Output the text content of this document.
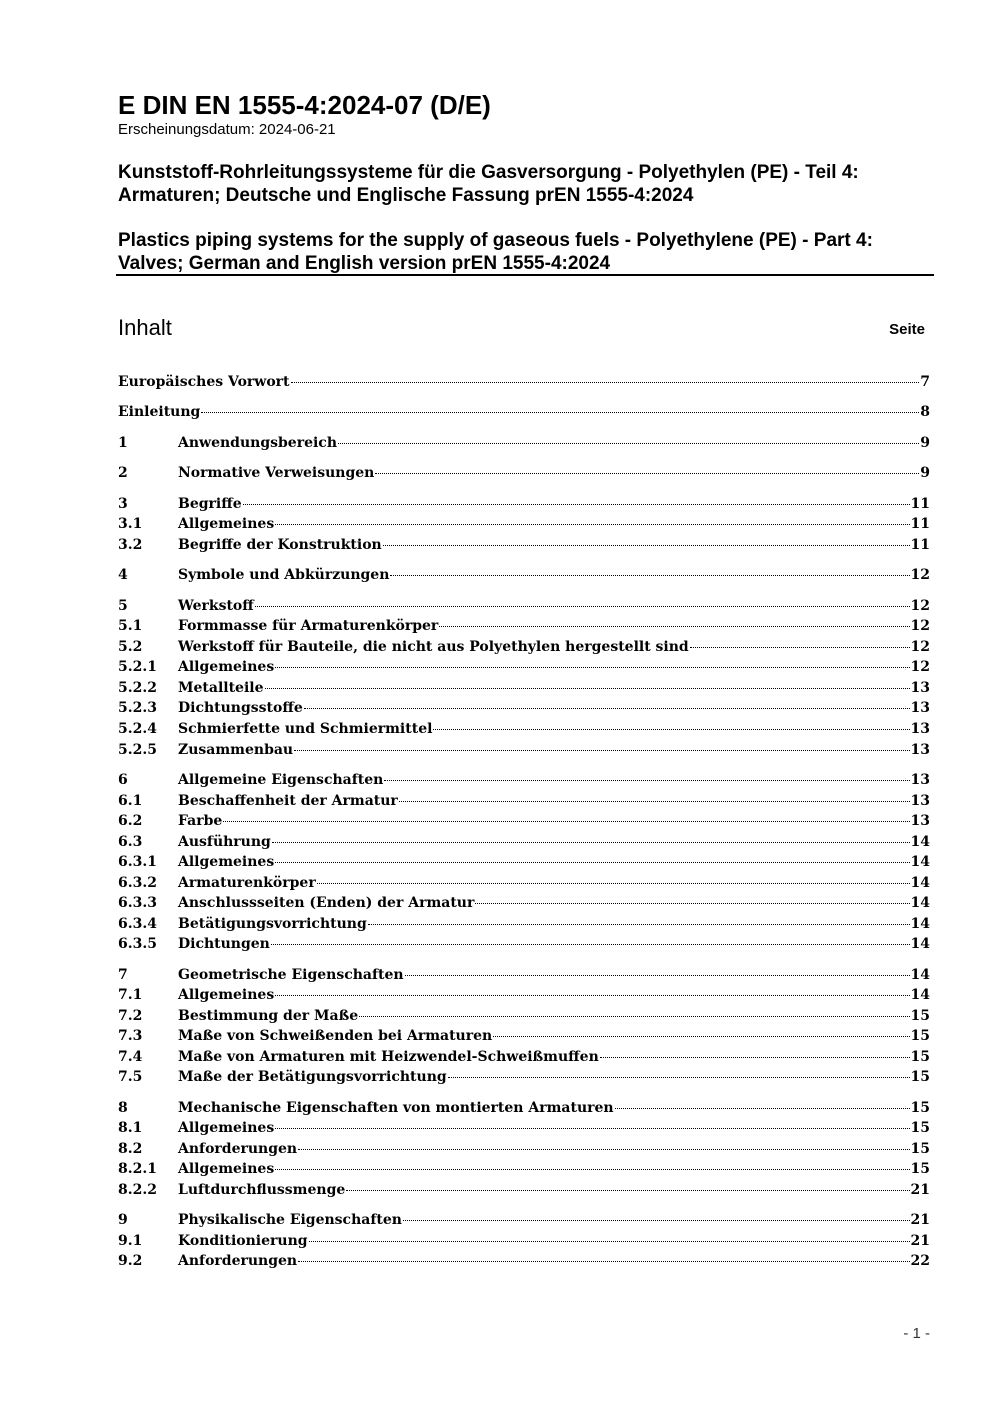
E DIN EN 1555-4:2024-07 (D/E)
Erscheinungsdatum: 2024-06-21
Kunststoff-Rohrleitungssysteme für die Gasversorgung - Polyethylen (PE) - Teil 4:
Armaturen; Deutsche und Englische Fassung prEN 1555-4:2024
Plastics piping systems for the supply of gaseous fuels - Polyethylene (PE) - Part 4:
Valves; German and English version prEN 1555-4:2024
Inhalt	Seite
Europäisches Vorwort	7
Einleitung	8
1	Anwendungsbereich	9
2	Normative Verweisungen	9
3	Begriffe	11
3.1	Allgemeines	11
3.2	Begriffe der Konstruktion	11
4	Symbole und Abkürzungen	12
5	Werkstoff	12
5.1	Formmasse für Armaturenkörper	12
5.2	Werkstoff für Bauteile, die nicht aus Polyethylen hergestellt sind	12
5.2.1	Allgemeines	12
5.2.2	Metallteile	13
5.2.3	Dichtungsstoffe	13
5.2.4	Schmierfette und Schmiermittel	13
5.2.5	Zusammenbau	13
6	Allgemeine Eigenschaften	13
6.1	Beschaffenheit der Armatur	13
6.2	Farbe	13
6.3	Ausführung	14
6.3.1	Allgemeines	14
6.3.2	Armaturenkörper	14
6.3.3	Anschlussseiten (Enden) der Armatur	14
6.3.4	Betätigungsvorrichtung	14
6.3.5	Dichtungen	14
7	Geometrische Eigenschaften	14
7.1	Allgemeines	14
7.2	Bestimmung der Maße	15
7.3	Maße von Schweißenden bei Armaturen	15
7.4	Maße von Armaturen mit Heizwendel-Schweißmuffen	15
7.5	Maße der Betätigungsvorrichtung	15
8	Mechanische Eigenschaften von montierten Armaturen	15
8.1	Allgemeines	15
8.2	Anforderungen	15
8.2.1	Allgemeines	15
8.2.2	Luftdurchflussmenge	21
9	Physikalische Eigenschaften	21
9.1	Konditionierung	21
9.2	Anforderungen	22
- 1 -
